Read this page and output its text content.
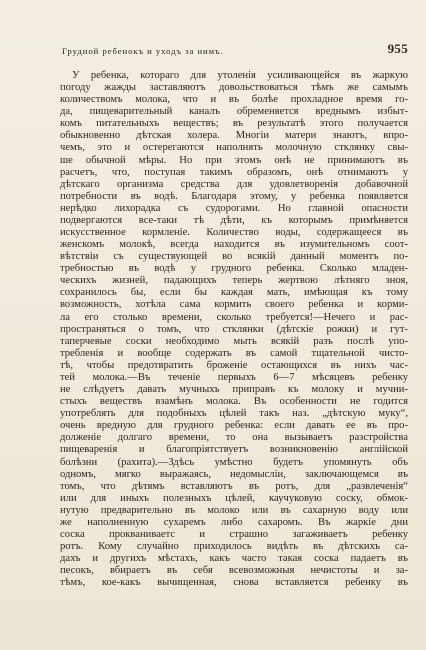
Грудной ребенокъ и уходъ за нимъ.	955
У ребенка, котораго для утоленія усиливающейся въ жаркую
погоду жажды заставляютъ довольствоваться тѣмъ же самымъ
количествомъ молока, что и въ болѣе прохладное время го-
да, пищеварительный каналъ обременяется вреднымъ избыт-
комъ питательныхъ веществъ; въ результатѣ этого получается
обыкновенно дѣтская холера. Многіи матери знаютъ, впро-
чемъ, это и остерегаются наполнять молочную стклянку свы-
ше обычной мѣры. Но при этомъ онѣ не принимаютъ въ
расчетъ, что, поступая такимъ образомъ, онѣ отнимаютъ у
дѣтскаго организма средства для удовлетворенія добавочной
потребности въ водѣ. Благодаря этому, у ребенка появляется
нерѣдко лихорадка съ судорогами. Но главной опасности
подвергаются все-таки тѣ дѣти, къ которымъ примѣняется
искусственное кормленіе. Количество воды, содержащееся въ
женскомъ молокѣ, всегда находится въ изумительномъ соот-
вѣтствіи съ существующей во всякій данный моментъ по-
требностью въ водѣ у грудного ребенка. Сколько младен-
ческихъ жизней, падающихъ теперь жертвою лѣтняго зноя,
сохранилось бы, если бы каждая мать, имѣющая къ тому
возможность, хотѣла сама кормить своего ребенка и корми-
ла его столько времени, сколько требуется!—Нечего и рас-
пространяться о томъ, что стклянки (дѣтскіе рожки) и гут-
таперчевые соски необходимо мыть всякій разъ послѣ упо-
требленія и вообще содержать въ самой тщательной чисто-
тѣ, чтобы предотвратить броженіе остающихся въ нихъ час-
тей молока.—Въ теченіе первыхъ 6—7 мѣсяцевъ ребенку
не слѣдуетъ давать мучныхъ приправъ къ молоку и мучни-
стыхъ веществъ взамѣнъ молока. Въ особенности не годится
употреблять для подобныхъ цѣлей такъ наз. „дѣтскую муку“,
очень вредную для грудного ребенка: если давать ее въ про-
долженіе долгаго времени, то она вызываетъ разстройства
пищеваренія и благопріятствуетъ возникновенію англійской
болѣзни (рахита).—Здѣсь умѣстно будетъ упомянуть объ
одномъ, мягко выражаясь, недомысліи, заключающемся въ
томъ, что дѣтямъ вставляютъ въ ротъ, для „развлеченія“
или для иныхъ полезныхъ цѣлей, каучуковую соску, обмок-
нутую предварительно въ молоко или въ сахарную воду или
же наполненную сухаремъ либо сахаромъ. Въ жаркіе дни
соска прокваниваетс и страшно загаживаетъ ребенку
ротъ. Кому случайно приходилось видѣть въ дѣтскихъ са-
дахъ и другихъ мѣстахъ, какъ часто такая соска падаетъ въ
песокъ, вбираетъ въ себя всевозможныя нечистоты и за-
тѣмъ, кое-какъ вычищенная, снова вставляется ребенку въ
